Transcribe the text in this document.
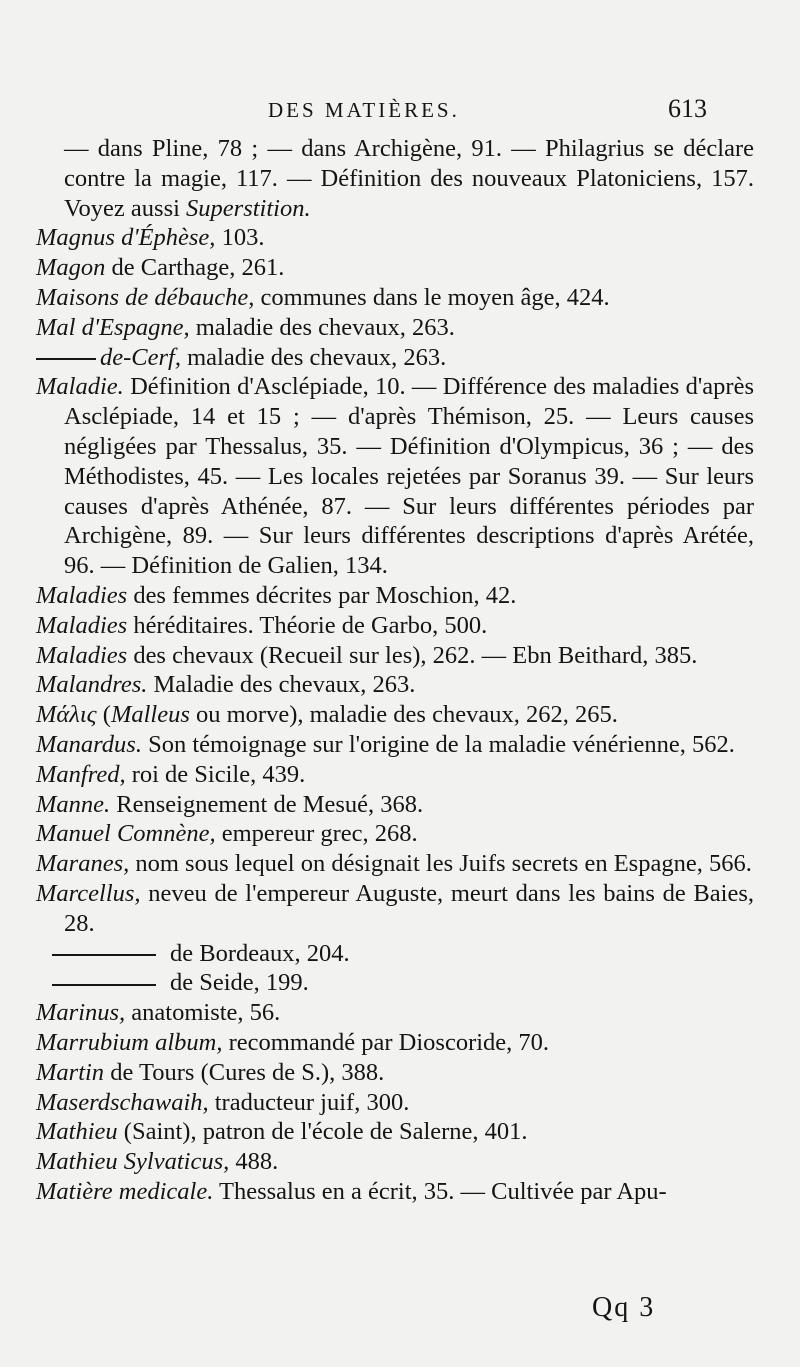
DES MATIÈRES.	613
— dans Pline, 78 ; — dans Archigène, 91. — Philagrius se déclare contre la magie, 117. — Définition des nouveaux Platoniciens, 157. Voyez aussi Superstition.
Magnus d'Éphèse, 103.
Magon de Carthage, 261.
Maisons de débauche, communes dans le moyen âge, 424.
Mal d'Espagne, maladie des chevaux, 263.
de-Cerf, maladie des chevaux, 263.
Maladie. Définition d'Asclépiade, 10. — Différence des maladies d'après Asclépiade, 14 et 15 ; — d'après Thémison, 25. — Leurs causes négligées par Thessalus, 35. — Définition d'Olympicus, 36 ; — des Méthodistes, 45. — Les locales rejetées par Soranus 39. — Sur leurs causes d'après Athénée, 87. — Sur leurs différentes périodes par Archigène, 89. — Sur leurs différentes descriptions d'après Arétée, 96. — Définition de Galien, 134.
Maladies des femmes décrites par Moschion, 42.
Maladies héréditaires. Théorie de Garbo, 500.
Maladies des chevaux (Recueil sur les), 262. — Ebn Beithard, 385.
Malandres. Maladie des chevaux, 263.
Μάλις (Malleus ou morve), maladie des chevaux, 262, 265.
Manardus. Son témoignage sur l'origine de la maladie vénérienne, 562.
Manfred, roi de Sicile, 439.
Manne. Renseignement de Mesué, 368.
Manuel Comnène, empereur grec, 268.
Maranes, nom sous lequel on désignait les Juifs secrets en Espagne, 566.
Marcellus, neveu de l'empereur Auguste, meurt dans les bains de Baies, 28.
de Bordeaux, 204.
de Seide, 199.
Marinus, anatomiste, 56.
Marrubium album, recommandé par Dioscoride, 70.
Martin de Tours (Cures de S.), 388.
Maserdschawaih, traducteur juif, 300.
Mathieu (Saint), patron de l'école de Salerne, 401.
Mathieu Sylvaticus, 488.
Matière medicale. Thessalus en a écrit, 35. — Cultivée par Apu-
Qq 3
